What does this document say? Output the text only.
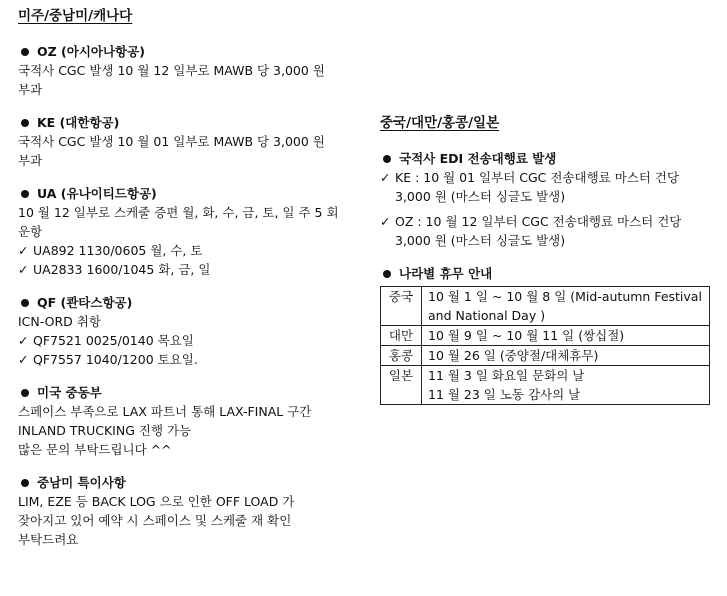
미주/중남미/캐나다
OZ (아시아나항공)
국적사 CGC 발생 10 월 12 일부로 MAWB 당 3,000 원
부과
KE (대한항공)
국적사 CGC 발생 10 월 01 일부로 MAWB 당 3,000 원
부과
UA (유나이티드항공)
10 월 12 일부로 스케줄 증편 월, 화, 수, 금, 토, 일 주 5 회
운항
✓ UA892 1130/0605 월, 수, 토
✓ UA2833 1600/1045 화, 금, 일
QF (콴타스항공)
ICN-ORD 취항
✓ QF7521 0025/0140 목요일
✓ QF7557 1040/1200 토요일.
미국 중동부
스페이스 부족으로 LAX 파트너 통해 LAX-FINAL 구간
INLAND TRUCKING 진행 가능
많은 문의 부탁드립니다 ^^
중남미 특이사항
LIM, EZE 등 BACK LOG 으로 인한 OFF LOAD 가
잦아지고 있어 예약 시 스페이스 및 스케줄 재 확인
부탁드려요
중국/대만/홍콩/일본
국적사 EDI 전송대행료 발생
✓ KE : 10 월 01 일부터 CGC 전송대행료 마스터 건당
3,000 원 (마스터 싱글도 발생)
✓ OZ : 10 월 12 일부터 CGC 전송대행료 마스터 건당
3,000 원 (마스터 싱글도 발생)
나라별 휴무 안내
중국	10 월 1 일 ~ 10 월 8 일 (Mid-autumn Festival
and National Day )

대만	10 월 9 일 ~ 10 월 11 일 (쌍십절)

홍콩	10 월 26 일 (중양절/대체휴무)

일본	11 월 3 일 화요일 문화의 날
11 월 23 일 노동 감사의 날
